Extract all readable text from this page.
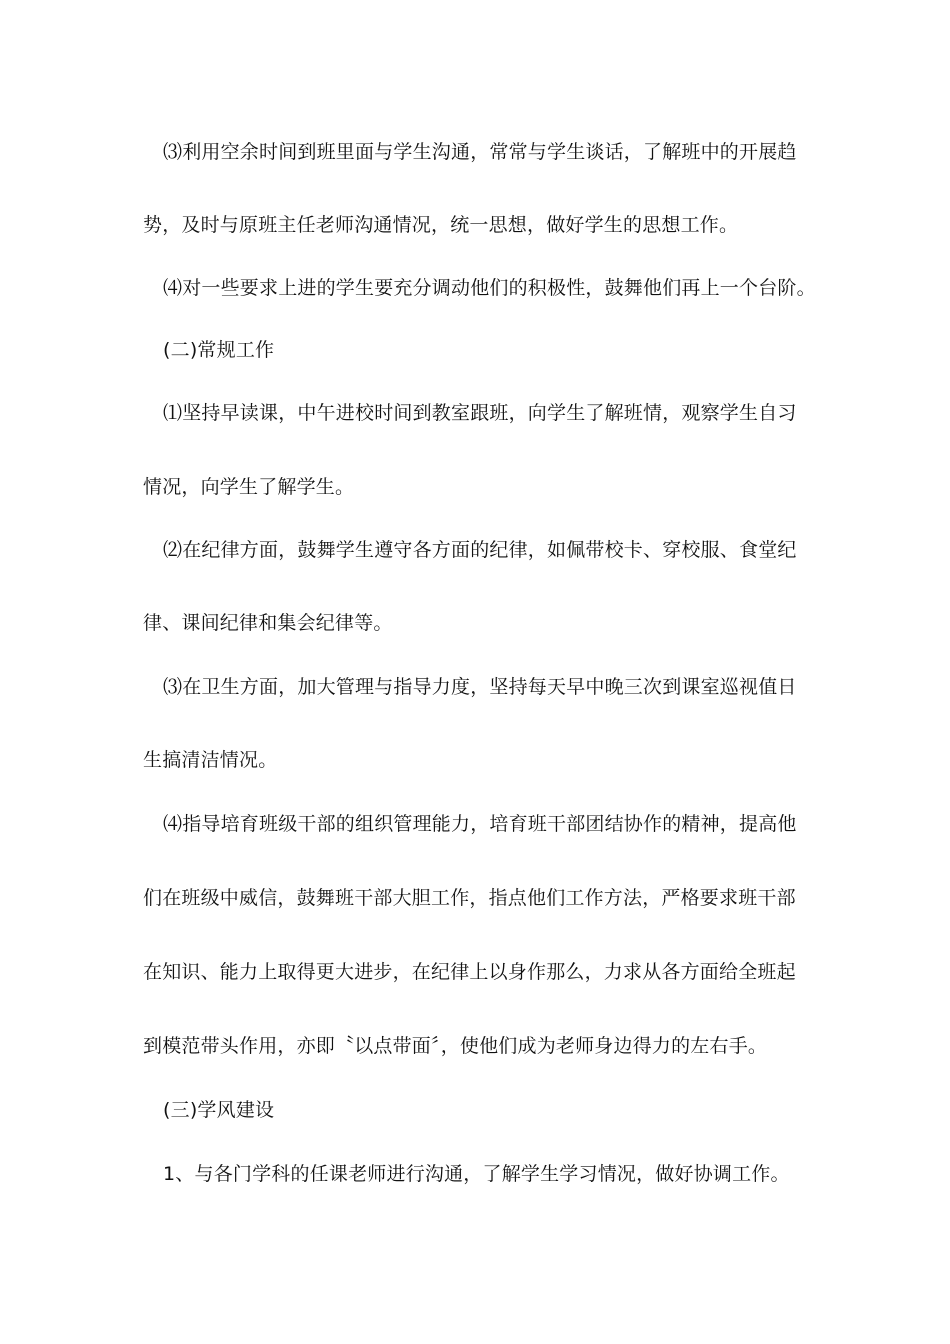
⑶利用空余时间到班里面与学生沟通，常常与学生谈话，了解班中的开展趋
势，及时与原班主任老师沟通情况，统一思想，做好学生的思想工作。
⑷对一些要求上进的学生要充分调动他们的积极性，鼓舞他们再上一个台阶。
(二)常规工作
⑴坚持早读课，中午进校时间到教室跟班，向学生了解班情，观察学生自习
情况，向学生了解学生。
⑵在纪律方面，鼓舞学生遵守各方面的纪律，如佩带校卡、穿校服、食堂纪
律、课间纪律和集会纪律等。
⑶在卫生方面，加大管理与指导力度，坚持每天早中晚三次到课室巡视值日
生搞清洁情况。
⑷指导培育班级干部的组织管理能力，培育班干部团结协作的精神，提高他
们在班级中威信，鼓舞班干部大胆工作，指点他们工作方法，严格要求班干部
在知识、能力上取得更大进步，在纪律上以身作那么，力求从各方面给全班起
到模范带头作用，亦即〝以点带面〞，使他们成为老师身边得力的左右手。
(三)学风建设
1、与各门学科的任课老师进行沟通，了解学生学习情况，做好协调工作。
